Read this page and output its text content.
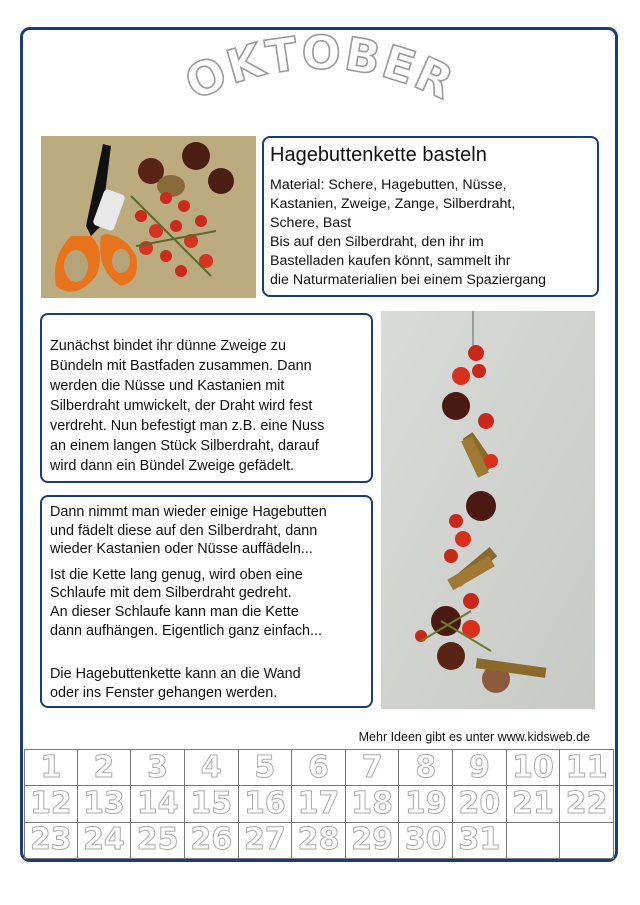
OKTOBER
Hagebuttenkette basteln
Material: Schere, Hagebutten, Nüsse,
Kastanien, Zweige, Zange, Silberdraht,
Schere, Bast
Bis auf den Silberdraht, den ihr im
Bastelladen kaufen könnt, sammelt ihr
die Naturmaterialien bei einem Spaziergang
Zunächst bindet ihr dünne Zweige zu
Bündeln mit Bastfaden zusammen. Dann
werden die Nüsse und Kastanien mit
Silberdraht umwickelt, der Draht wird fest
verdreht. Nun befestigt man z.B. eine Nuss
an einem langen Stück Silberdraht, darauf
wird dann ein Bündel Zweige gefädelt.
Dann nimmt man wieder einige Hagebutten
und fädelt diese auf den Silberdraht, dann
wieder Kastanien oder Nüsse auffädeln...
Ist die Kette lang genug, wird oben eine
Schlaufe mit dem Silberdraht gedreht.
An dieser Schlaufe kann man die Kette
dann aufhängen. Eigentlich ganz einfach...
Die Hagebuttenkette kann an die Wand
oder ins Fenster gehangen werden.
Mehr Ideen gibt es unter www.kidsweb.de
1	2	3	4	5	6	7	8	9 10 11
12 13 14 15 16 17 18 19 20 21 22
23 24 25 26 27 28 29 30 31
